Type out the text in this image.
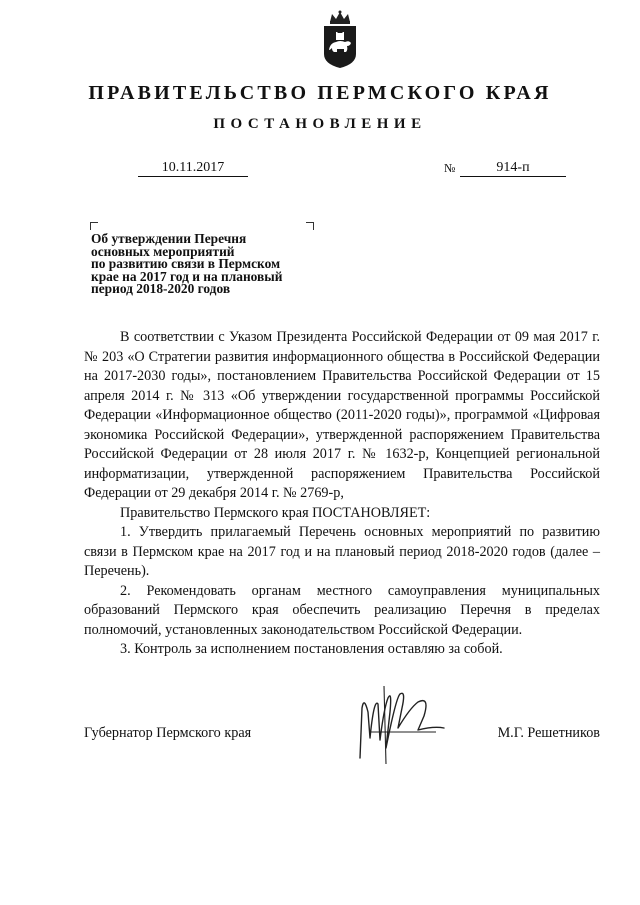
ПРАВИТЕЛЬСТВО ПЕРМСКОГО КРАЯ
ПОСТАНОВЛЕНИЕ
10.11.2017	№	914-п
Об утверждении Перечня
основных мероприятий
по развитию связи в Пермском
крае на 2017 год и на плановый
период 2018-2020 годов

В соответствии с Указом Президента Российской Федерации от 09 мая 2017 г. № 203 «О Стратегии развития информационного общества в Российской Федерации на 2017-2030 годы», постановлением Правительства Российской Федерации от 15 апреля 2014 г. № 313 «Об утверждении государственной программы Российской Федерации «Информационное общество (2011-2020 годы)», программой «Цифровая экономика Российской Федерации», утвержденной распоряжением Правительства Российской Федерации от 28 июля 2017 г. № 1632-р, Концепцией региональной информатизации, утвержденной распоряжением Правительства Российской Федерации от 29 декабря 2014 г. № 2769-р,

Правительство Пермского края ПОСТАНОВЛЯЕТ:

1. Утвердить прилагаемый Перечень основных мероприятий по развитию связи в Пермском крае на 2017 год и на плановый период 2018-2020 годов (далее – Перечень).

2. Рекомендовать органам местного самоуправления муниципальных образований Пермского края обеспечить реализацию Перечня в пределах полномочий, установленных законодательством Российской Федерации.

3. Контроль за исполнением постановления оставляю за собой.

Губернатор Пермского края	М.Г. Решетников
